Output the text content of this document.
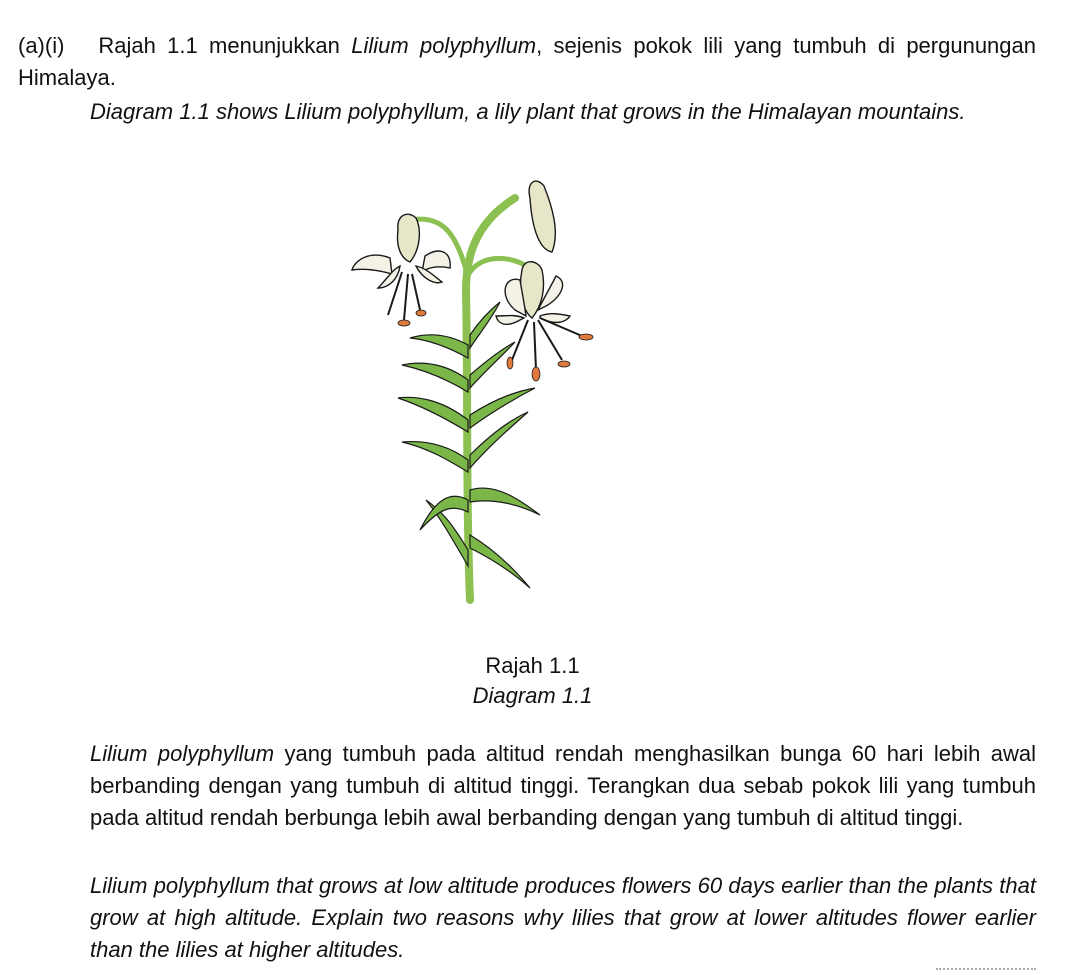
(a)(i) Rajah 1.1 menunjukkan Lilium polyphyllum, sejenis pokok lili yang tumbuh di pergunungan Himalaya.
Diagram 1.1 shows Lilium polyphyllum, a lily plant that grows in the Himalayan mountains.
Rajah 1.1
Diagram 1.1
Lilium polyphyllum yang tumbuh pada altitud rendah menghasilkan bunga 60 hari lebih awal berbanding dengan yang tumbuh di altitud tinggi. Terangkan dua sebab pokok lili yang tumbuh pada altitud rendah berbunga lebih awal berbanding dengan yang tumbuh di altitud tinggi.
Lilium polyphyllum that grows at low altitude produces flowers 60 days earlier than the plants that grow at high altitude. Explain two reasons why lilies that grow at lower altitudes flower earlier than the lilies at higher altitudes.
